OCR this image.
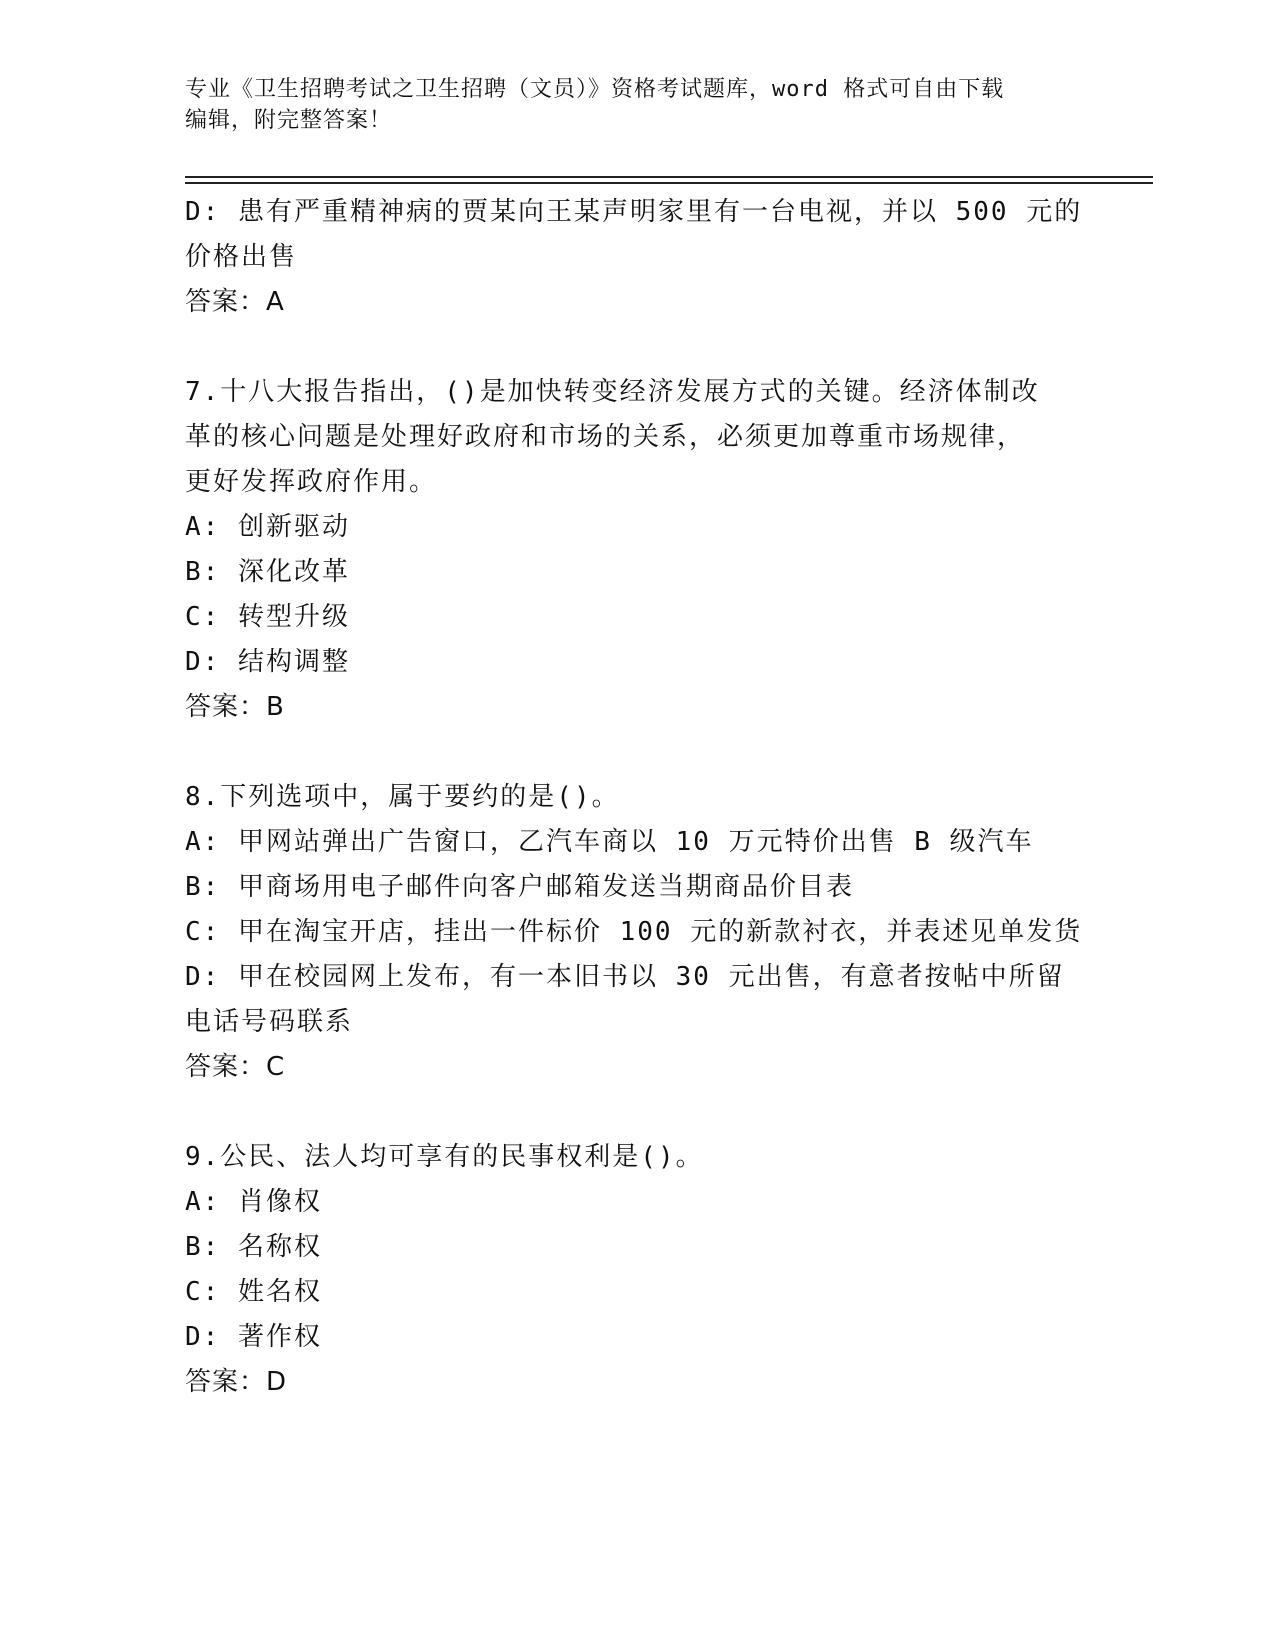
专业《卫生招聘考试之卫生招聘（文员）》资格考试题库，word 格式可自由下载
编辑，附完整答案！
D: 患有严重精神病的贾某向王某声明家里有一台电视，并以 500 元的
价格出售
答案：A
7.十八大报告指出，()是加快转变经济发展方式的关键。经济体制改
革的核心问题是处理好政府和市场的关系，必须更加尊重市场规律，
更好发挥政府作用。
A: 创新驱动
B: 深化改革
C: 转型升级
D: 结构调整
答案：B
8.下列选项中，属于要约的是()。
A: 甲网站弹出广告窗口，乙汽车商以 10 万元特价出售 B 级汽车
B: 甲商场用电子邮件向客户邮箱发送当期商品价目表
C: 甲在淘宝开店，挂出一件标价 100 元的新款衬衣，并表述见单发货
D: 甲在校园网上发布，有一本旧书以 30 元出售，有意者按帖中所留
电话号码联系
答案：C
9.公民、法人均可享有的民事权利是()。
A: 肖像权
B: 名称权
C: 姓名权
D: 著作权
答案：D
